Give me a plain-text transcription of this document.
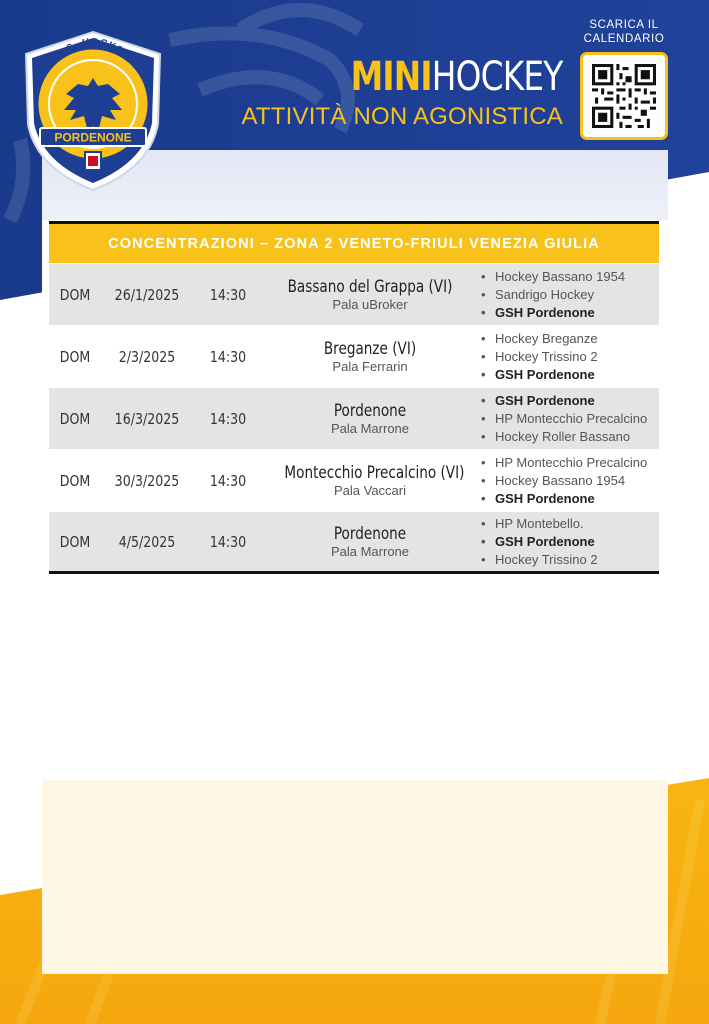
G.S. HOCKEY
PORDENONE
MINIHOCKEY
ATTIVITÀ NON AGONISTICA
SCARICA IL
CALENDARIO
CONCENTRAZIONI – ZONA 2 VENETO-FRIULI VENEZIA GIULIA
DOM	26/1/2025	14:30	Bassano del Grappa (VI)
Pala uBroker
• Hockey Bassano 1954
• Sandrigo Hockey
• GSH Pordenone
DOM	2/3/2025	14:30	Breganze (VI)
Pala Ferrarin
• Hockey Breganze
• Hockey Trissino 2
• GSH Pordenone
DOM	16/3/2025	14:30	Pordenone
Pala Marrone
• GSH Pordenone
• HP Montecchio Precalcino
• Hockey Roller Bassano
DOM	30/3/2025	14:30	Montecchio Precalcino (VI)
Pala Vaccari
• HP Montecchio Precalcino
• Hockey Bassano 1954
• GSH Pordenone
DOM	4/5/2025	14:30	Pordenone
Pala Marrone
• HP Montebello.
• GSH Pordenone
• Hockey Trissino 2
